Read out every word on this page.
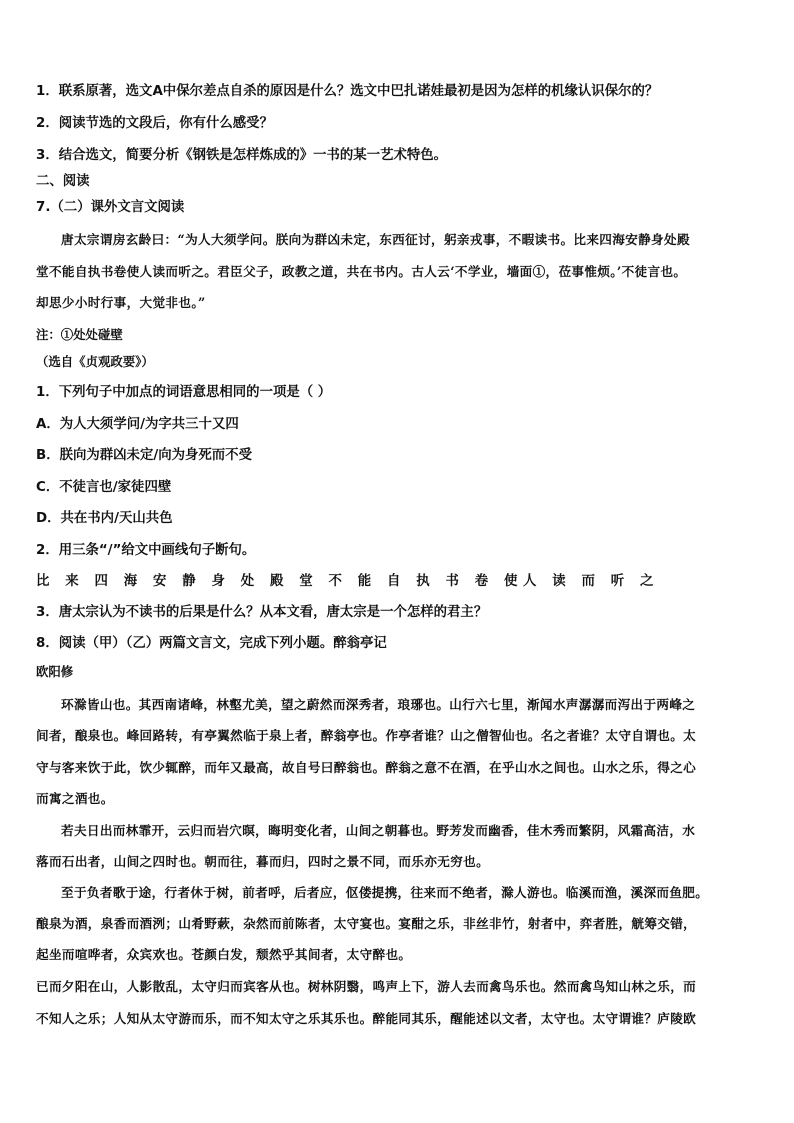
1．联系原著，选文A中保尔差点自杀的原因是什么？选文中巴扎诺娃最初是因为怎样的机缘认识保尔的？
2．阅读节选的文段后，你有什么感受？
3．结合选文，简要分析《钢铁是怎样炼成的》一书的某一艺术特色。
二、阅读
7.（二）课外文言文阅读
唐太宗谓房玄龄曰：“为人大须学问。朕向为群凶未定，东西征讨，躬亲戎事，不暇读书。比来四海安静身处殿
堂不能自执书卷使人读而听之。君臣父子，政教之道，共在书内。古人云‘不学业，墙面①，莅事惟烦。’不徒言也。
却思少小时行事，大觉非也。”
注：①处处碰壁
（选自《贞观政要》）
1．下列句子中加点的词语意思相同的一项是（ ）
A．为人大须学问/为字共三十又四
B．朕向为群凶未定/向为身死而不受
C．不徒言也/家徒四壁
D．共在书内/天山共色
2．用三条“/”给文中画线句子断句。
比 来 四 海 安 静 身 处 殿 堂 不 能 自 执 书 卷 使人 读 而 听 之
3．唐太宗认为不读书的后果是什么？从本文看，唐太宗是一个怎样的君主？
8．阅读（甲）（乙）两篇文言文，完成下列小题。醉翁亭记
欧阳修
环滁皆山也。其西南诸峰，林壑尤美，望之蔚然而深秀者，琅琊也。山行六七里，渐闻水声潺潺而泻出于两峰之
间者，酿泉也。峰回路转，有亭翼然临于泉上者，醉翁亭也。作亭者谁？山之僧智仙也。名之者谁？太守自谓也。太
守与客来饮于此，饮少辄醉，而年又最高，故自号曰醉翁也。醉翁之意不在酒，在乎山水之间也。山水之乐，得之心
而寓之酒也。
若夫日出而林霏开，云归而岩穴暝，晦明变化者，山间之朝暮也。野芳发而幽香，佳木秀而繁阴，风霜高洁，水
落而石出者，山间之四时也。朝而往，暮而归，四时之景不同，而乐亦无穷也。
至于负者歌于途，行者休于树，前者呼，后者应，伛偻提携，往来而不绝者，滁人游也。临溪而渔，溪深而鱼肥。
酿泉为酒，泉香而酒洌；山肴野蔌，杂然而前陈者，太守宴也。宴酣之乐，非丝非竹，射者中，弈者胜，觥筹交错，
起坐而喧哗者，众宾欢也。苍颜白发，颓然乎其间者，太守醉也。
已而夕阳在山，人影散乱，太守归而宾客从也。树林阴翳，鸣声上下，游人去而禽鸟乐也。然而禽鸟知山林之乐，而
不知人之乐；人知从太守游而乐，而不知太守之乐其乐也。醉能同其乐，醒能述以文者，太守也。太守谓谁？庐陵欧
